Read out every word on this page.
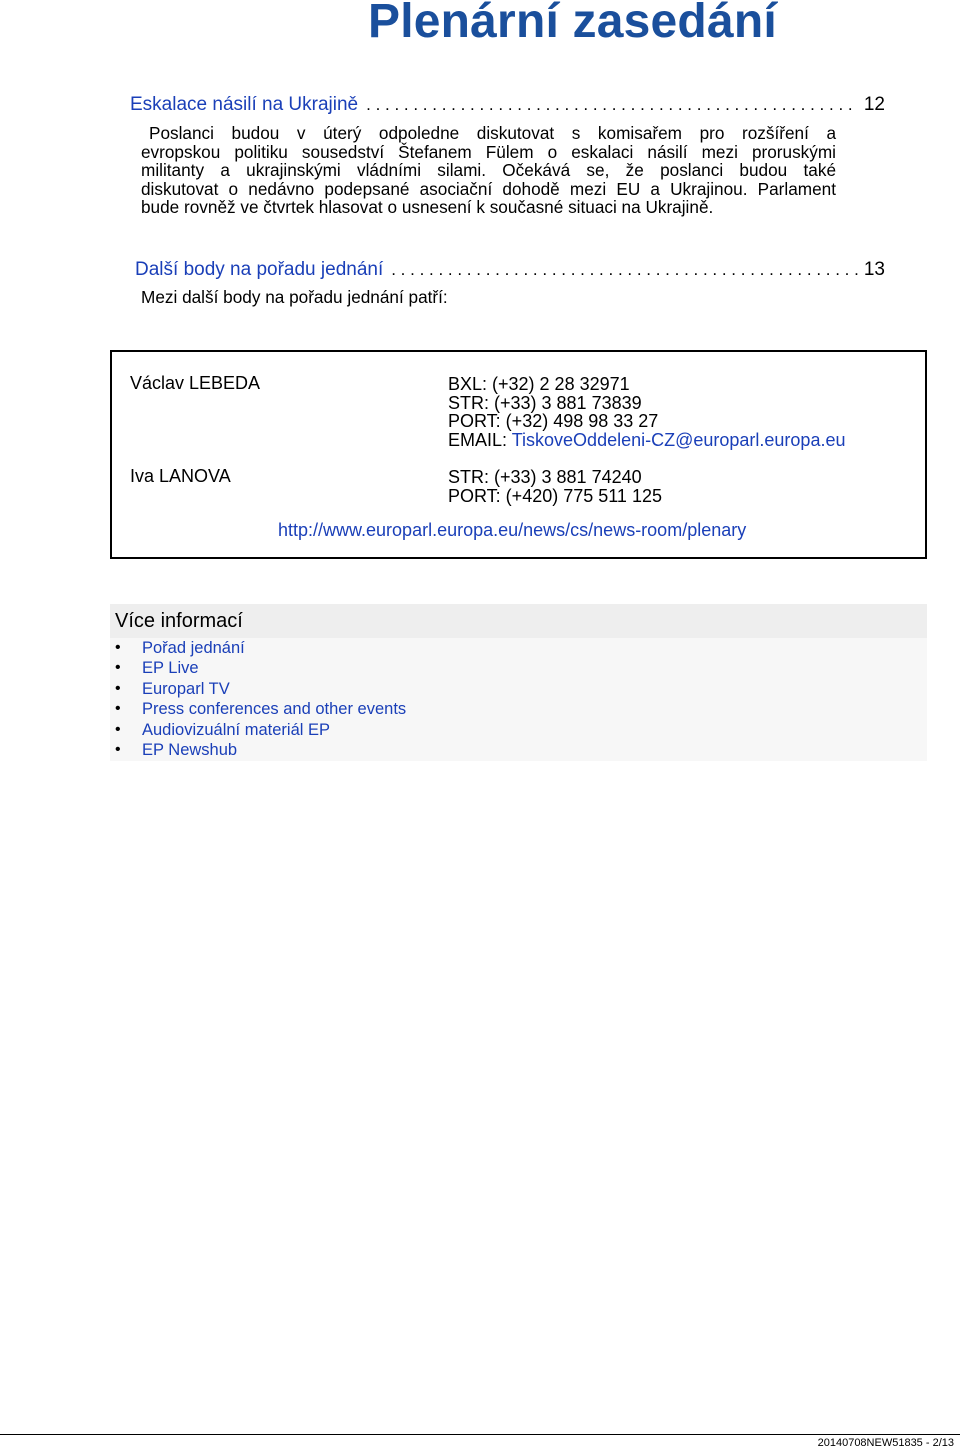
Plenární zasedání
Eskalace násilí na Ukrajině . . .	12
Poslanci budou v úterý odpoledne diskutovat s komisařem pro rozšíření a
evropskou politiku sousedství Štefanem Fülem o eskalaci násilí mezi proruskými
militanty a ukrajinskými vládními silami. Očekává se, že poslanci budou také
diskutovat o nedávno podepsané asociační dohodě mezi EU a Ukrajinou. Parlament
bude rovněž ve čtvrtek hlasovat o usnesení k současné situaci na Ukrajině.
Další body na pořadu jednání . . .	13
Mezi další body na pořadu jednání patří:
Václav LEBEDA	BXL: (+32) 2 28 32971
STR: (+33) 3 881 73839
PORT: (+32) 498 98 33 27
EMAIL: TiskoveOddeleni-CZ@europarl.europa.eu
Iva LANOVA	STR: (+33) 3 881 74240
PORT: (+420) 775 511 125
http://www.europarl.europa.eu/news/cs/news-room/plenary
Více informací
• Pořad jednání
• EP Live
• Europarl TV
• Press conferences and other events
• Audiovizuální materiál EP
• EP Newshub
20140708NEW51835 - 2/13
